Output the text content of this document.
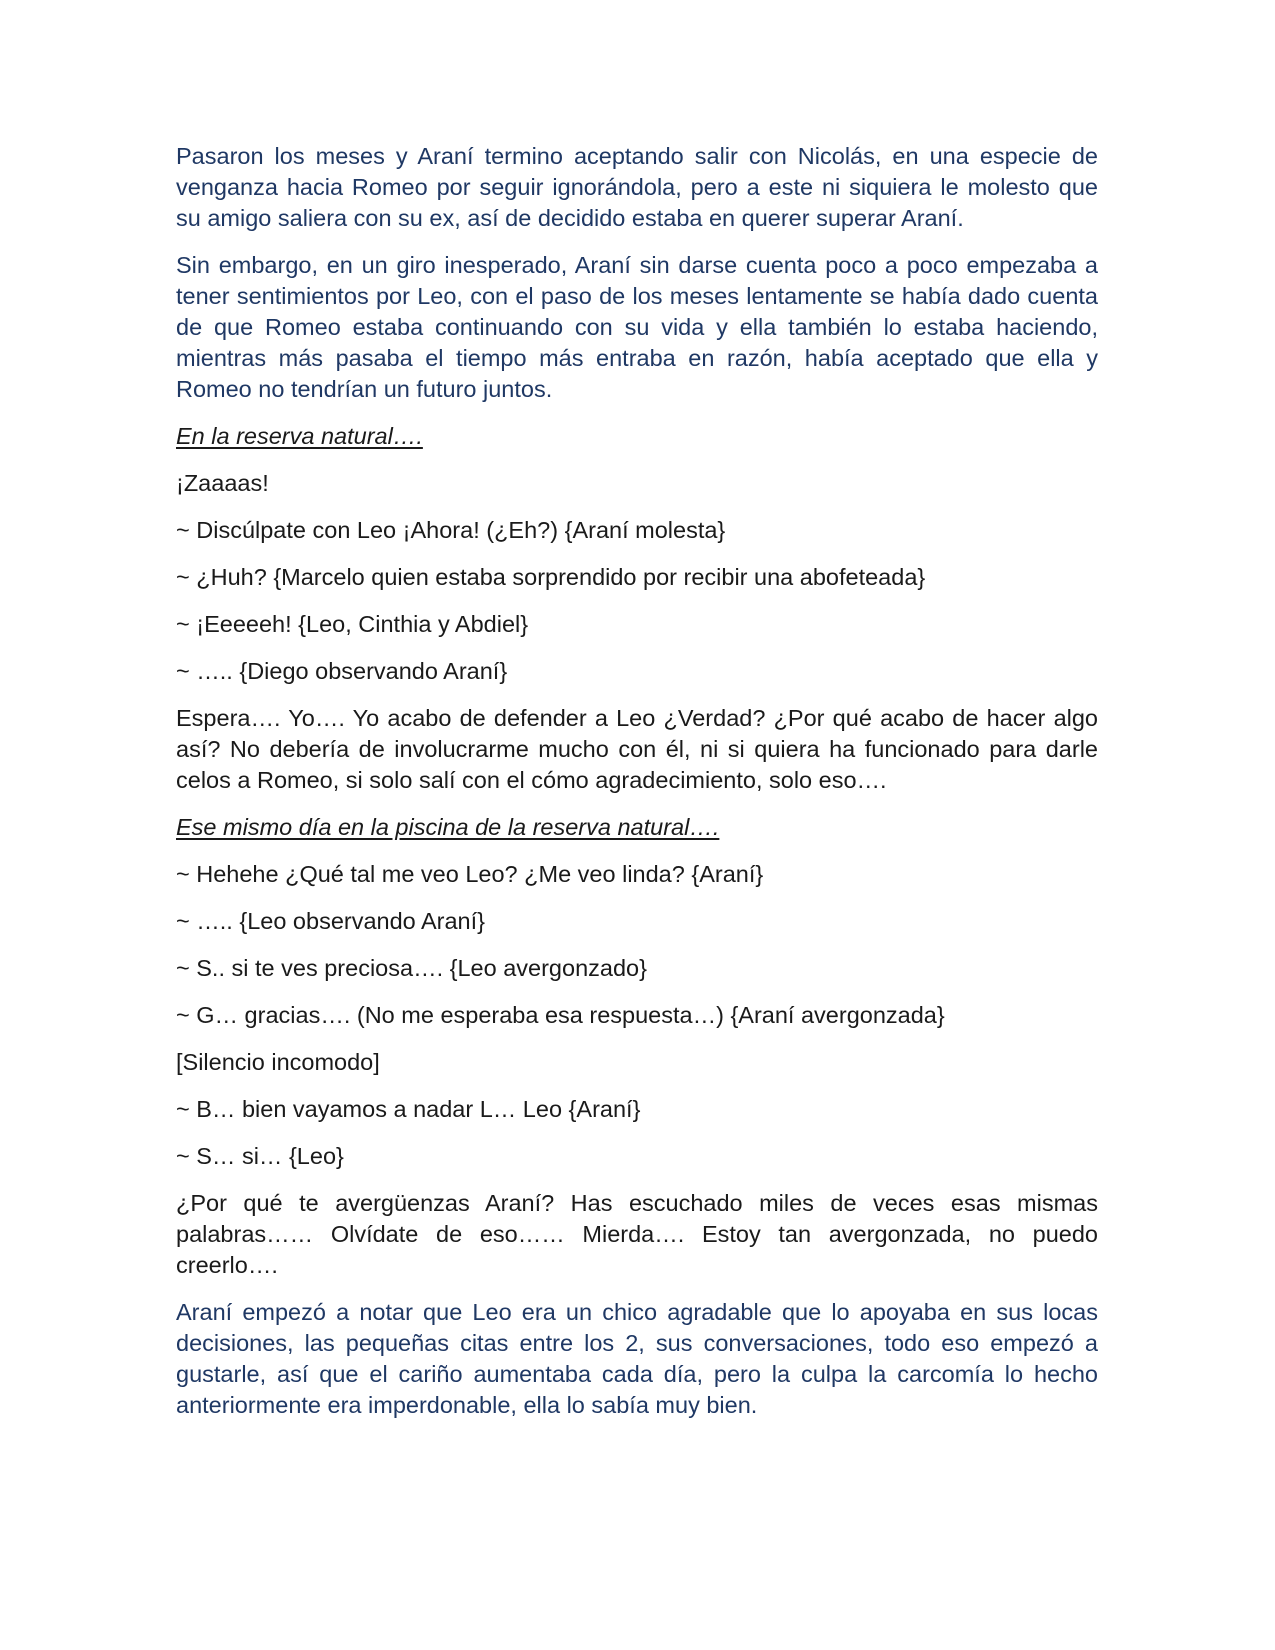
Pasaron los meses y Araní termino aceptando salir con Nicolás, en una especie de venganza hacia Romeo por seguir ignorándola, pero a este ni siquiera le molesto que su amigo saliera con su ex, así de decidido estaba en querer superar Araní.

Sin embargo, en un giro inesperado, Araní sin darse cuenta poco a poco empezaba a tener sentimientos por Leo, con el paso de los meses lentamente se había dado cuenta de que Romeo estaba continuando con su vida y ella también lo estaba haciendo, mientras más pasaba el tiempo más entraba en razón, había aceptado que ella y Romeo no tendrían un futuro juntos.

En la reserva natural….

¡Zaaaas!

~ Discúlpate con Leo ¡Ahora! (¿Eh?) {Araní molesta}

~ ¿Huh? {Marcelo quien estaba sorprendido por recibir una abofeteada}

~ ¡Eeeeeh! {Leo, Cinthia y Abdiel}

~ ….. {Diego observando Araní}

Espera…. Yo…. Yo acabo de defender a Leo ¿Verdad? ¿Por qué acabo de hacer algo así? No debería de involucrarme mucho con él, ni si quiera ha funcionado para darle celos a Romeo, si solo salí con el cómo agradecimiento, solo eso….

Ese mismo día en la piscina de la reserva natural….

~ Hehehe ¿Qué tal me veo Leo? ¿Me veo linda? {Araní}

~ ….. {Leo observando Araní}

~ S.. si te ves preciosa…. {Leo avergonzado}

~ G… gracias…. (No me esperaba esa respuesta…) {Araní avergonzada}

[Silencio incomodo]

~ B… bien vayamos a nadar L… Leo {Araní}

~ S… si… {Leo}

¿Por qué te avergüenzas Araní? Has escuchado miles de veces esas mismas palabras…… Olvídate de eso…… Mierda…. Estoy tan avergonzada, no puedo creerlo….

Araní empezó a notar que Leo era un chico agradable que lo apoyaba en sus locas decisiones, las pequeñas citas entre los 2, sus conversaciones, todo eso empezó a gustarle, así que el cariño aumentaba cada día, pero la culpa la carcomía lo hecho anteriormente era imperdonable, ella lo sabía muy bien.
